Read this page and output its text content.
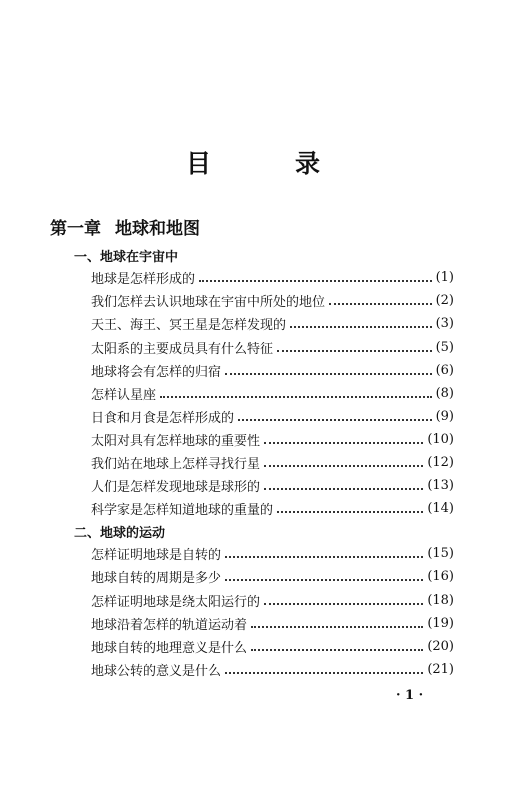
目	录
第一章 地球和地图
一、地球在宇宙中
地球是怎样形成的	(1)
我们怎样去认识地球在宇宙中所处的地位	(2)
天王、海王、冥王星是怎样发现的	(3)
太阳系的主要成员具有什么特征	(5)
地球将会有怎样的归宿	(6)
怎样认星座	(8)
日食和月食是怎样形成的	(9)
太阳对具有怎样地球的重要性	(10)
我们站在地球上怎样寻找行星	(12)
人们是怎样发现地球是球形的	(13)
科学家是怎样知道地球的重量的	(14)
二、地球的运动
怎样证明地球是自转的	(15)
地球自转的周期是多少	(16)
怎样证明地球是绕太阳运行的	(18)
地球沿着怎样的轨道运动着	(19)
地球自转的地理意义是什么	(20)
地球公转的意义是什么	(21)
· 1 ·
